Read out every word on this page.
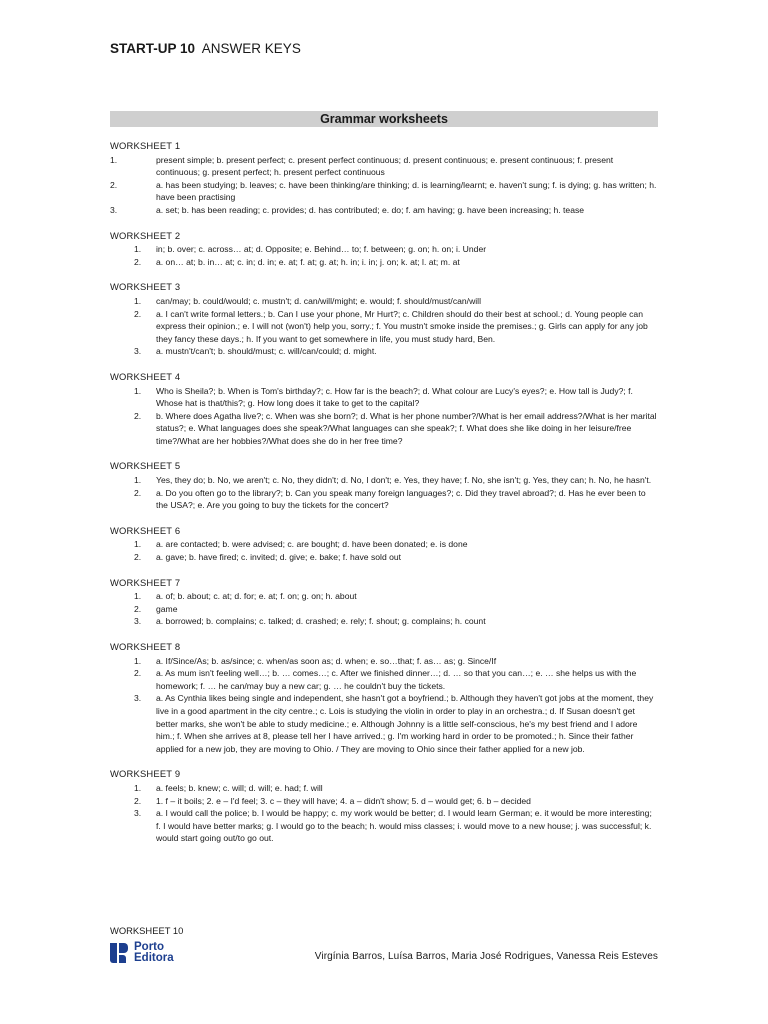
START-UP 10 ANSWER KEYS
Grammar worksheets
WORKSHEET 1
1.	present simple; b. present perfect; c. present perfect continuous; d. present continuous; e. present continuous; f. present continuous; g. present perfect; h. present perfect continuous
2.	a. has been studying; b. leaves; c. have been thinking/are thinking; d. is learning/learnt; e. haven't sung; f. is dying; g. has written; h. have been practising
3.	a. set; b. has been reading; c. provides; d. has contributed; e. do; f. am having; g. have been increasing; h. tease
WORKSHEET 2
1.	in; b. over; c. across… at; d. Opposite; e. Behind… to; f. between; g. on; h. on; i. Under
2.	a. on… at; b. in… at; c. in; d. in; e. at; f. at; g. at; h. in; i. in; j. on; k. at; l. at; m. at
WORKSHEET 3
1.	can/may; b. could/would; c. mustn't; d. can/will/might; e. would; f. should/must/can/will
2.	a. I can't write formal letters.; b. Can I use your phone, Mr Hurt?; c. Children should do their best at school.; d. Young people can express their opinion.; e. I will not (won't) help you, sorry.; f. You mustn't smoke inside the premises.; g. Girls can apply for any job they fancy these days.; h. If you want to get somewhere in life, you must study hard, Ben.
3.	a. mustn't/can't; b. should/must; c. will/can/could; d. might.
WORKSHEET 4
1.	Who is Sheila?; b. When is Tom's birthday?; c. How far is the beach?; d. What colour are Lucy's eyes?; e. How tall is Judy?; f. Whose hat is that/this?; g. How long does it take to get to the capital?
2.	b. Where does Agatha live?; c. When was she born?; d. What is her phone number?/What is her email address?/What is her marital status?; e. What languages does she speak?/What languages can she speak?; f. What does she like doing in her leisure/free time?/What are her hobbies?/What does she do in her free time?
WORKSHEET 5
1.	Yes, they do; b. No, we aren't; c. No, they didn't; d. No, I don't; e. Yes, they have; f. No, she isn't; g. Yes, they can; h. No, he hasn't.
2.	a. Do you often go to the library?; b. Can you speak many foreign languages?; c. Did they travel abroad?; d. Has he ever been to the USA?; e. Are you going to buy the tickets for the concert?
WORKSHEET 6
1.	a. are contacted; b. were advised; c. are bought; d. have been donated; e. is done
2.	a. gave; b. have fired; c. invited; d. give; e. bake; f. have sold out
WORKSHEET 7
1.	a. of; b. about; c. at; d. for; e. at; f. on; g. on; h. about
2.	game
3.	a. borrowed; b. complains; c. talked; d. crashed; e. rely; f. shout; g. complains; h. count
WORKSHEET 8
1.	a. If/Since/As; b. as/since; c. when/as soon as; d. when; e. so…that; f. as… as; g. Since/If
2.	a. As mum isn't feeling well…; b. … comes…; c. After we finished dinner…; d. … so that you can…; e. … she helps us with the homework; f. … he can/may buy a new car; g. … he couldn't buy the tickets.
3.	a. As Cynthia likes being single and independent, she hasn't got a boyfriend.; b. Although they haven't got jobs at the moment, they live in a good apartment in the city centre.; c. Lois is studying the violin in order to play in an orchestra.; d. If Susan doesn't get better marks, she won't be able to study medicine.; e. Although Johnny is a little self-conscious, he's my best friend and I adore him.; f. When she arrives at 8, please tell her I have arrived.; g. I'm working hard in order to be promoted.; h. Since their father applied for a new job, they are moving to Ohio. / They are moving to Ohio since their father applied for a new job.
WORKSHEET 9
1.	a. feels; b. knew; c. will; d. will; e. had; f. will
2.	1. f – it boils; 2. e – I'd feel; 3. c – they will have; 4. a – didn't show; 5. d – would get; 6. b – decided
3.	a. I would call the police; b. I would be happy; c. my work would be better; d. I would learn German; e. it would be more interesting; f. I would have better marks; g. I would go to the beach; h. would miss classes; i. would move to a new house; j. was successful; k. would start going out/to go out.
WORKSHEET 10
Porto
Editora	Virgínia Barros, Luísa Barros, Maria José Rodrigues, Vanessa Reis Esteves
